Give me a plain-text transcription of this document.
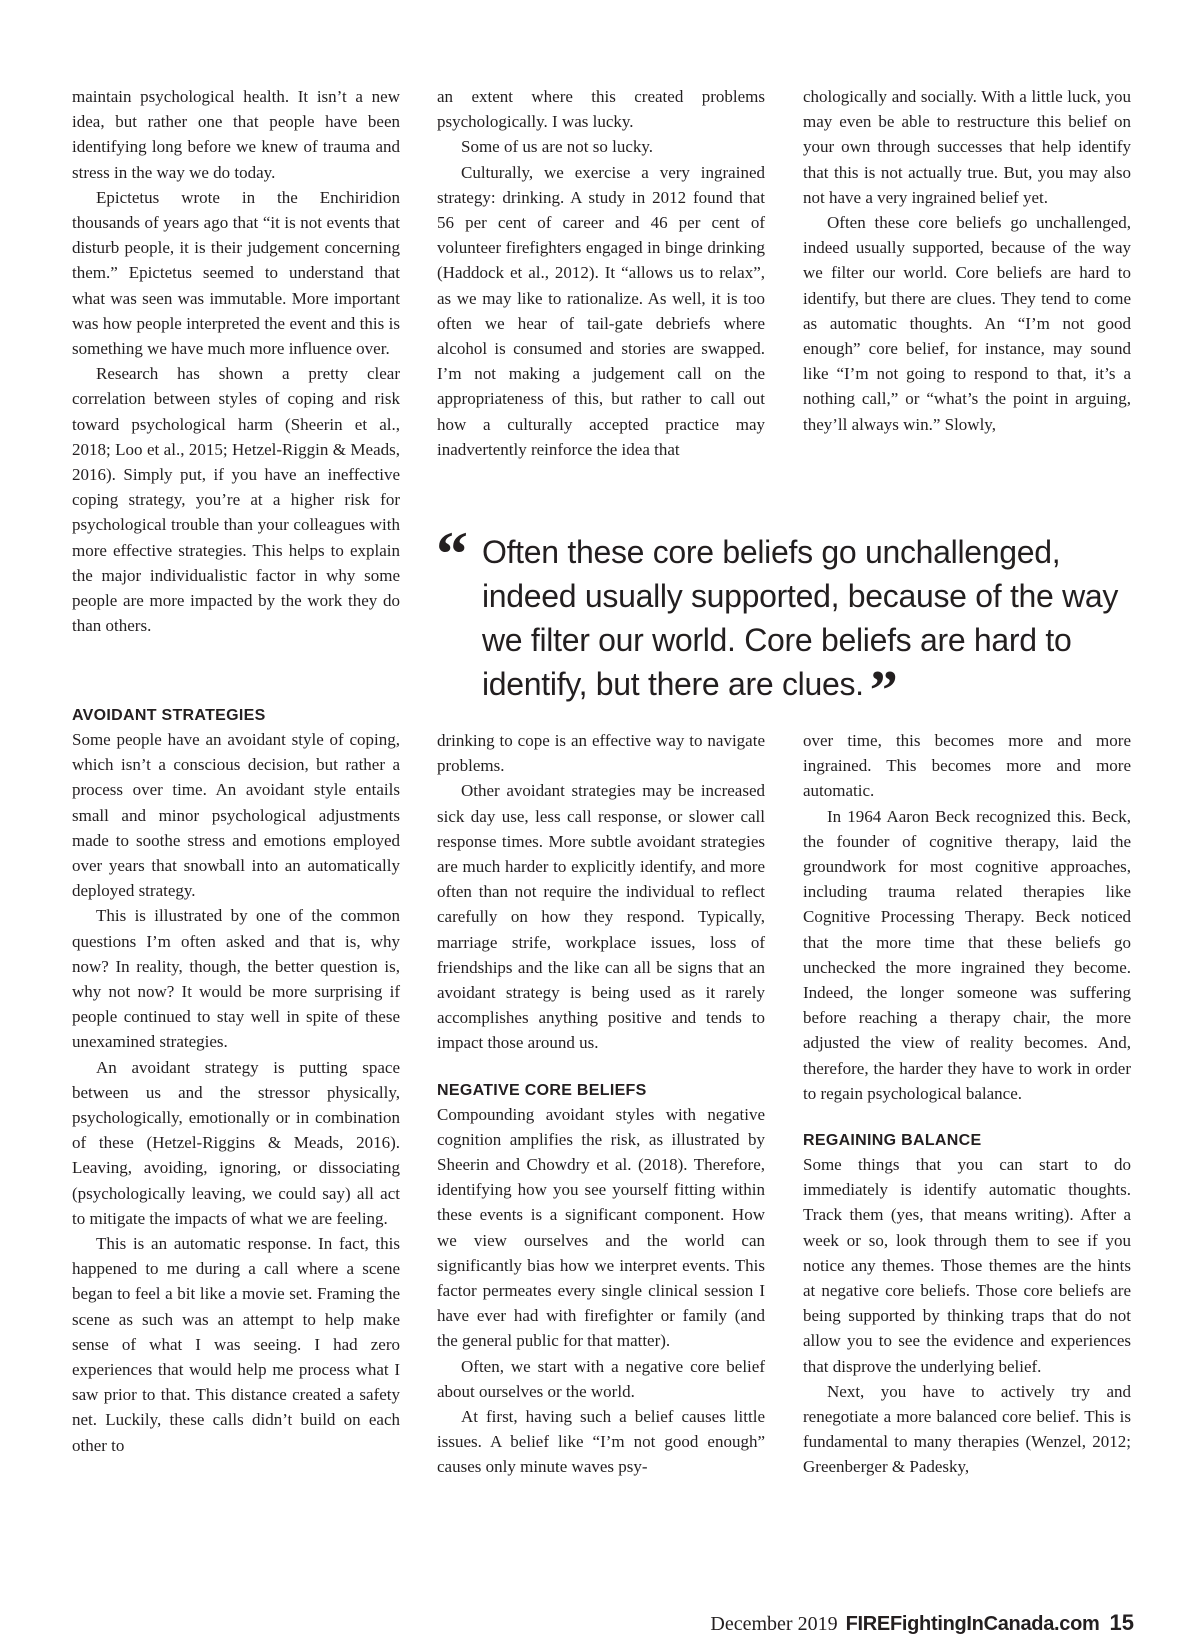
maintain psychological health. It isn’t a new idea, but rather one that people have been identifying long before we knew of trauma and stress in the way we do today.

Epictetus wrote in the Enchiridion thousands of years ago that “it is not events that disturb people, it is their judgement concerning them.” Epictetus seemed to understand that what was seen was immutable. More important was how people interpreted the event and this is something we have much more influence over.

Research has shown a pretty clear correlation between styles of coping and risk toward psychological harm (Sheerin et al., 2018; Loo et al., 2015; Hetzel-Riggin & Meads, 2016). Simply put, if you have an ineffective coping strategy, you’re at a higher risk for psychological trouble than your colleagues with more effective strategies. This helps to explain the major individualistic factor in why some people are more impacted by the work they do than others.

an extent where this created problems psychologically. I was lucky.

Some of us are not so lucky.

Culturally, we exercise a very ingrained strategy: drinking. A study in 2012 found that 56 per cent of career and 46 per cent of volunteer firefighters engaged in binge drinking (Haddock et al., 2012). It “allows us to relax”, as we may like to rationalize. As well, it is too often we hear of tail-gate debriefs where alcohol is consumed and stories are swapped. I’m not making a judgement call on the appropriateness of this, but rather to call out how a culturally accepted practice may inadvertently reinforce the idea that

chologically and socially. With a little luck, you may even be able to restructure this belief on your own through successes that help identify that this is not actually true. But, you may also not have a very ingrained belief yet.

Often these core beliefs go unchallenged, indeed usually supported, because of the way we filter our world. Core beliefs are hard to identify, but there are clues. They tend to come as automatic thoughts. An “I’m not good enough” core belief, for instance, may sound like “I’m not going to respond to that, it’s a nothing call,” or “what’s the point in arguing, they’ll always win.” Slowly,

“ Often these core beliefs go unchallenged, indeed usually supported, because of the way we filter our world. Core beliefs are hard to identify, but there are clues. ”
AVOIDANT STRATEGIES

Some people have an avoidant style of coping, which isn’t a conscious decision, but rather a process over time. An avoidant style entails small and minor psychological adjustments made to soothe stress and emotions employed over years that snowball into an automatically deployed strategy.

This is illustrated by one of the common questions I’m often asked and that is, why now? In reality, though, the better question is, why not now? It would be more surprising if people continued to stay well in spite of these unexamined strategies.

An avoidant strategy is putting space between us and the stressor physically, psychologically, emotionally or in combination of these (Hetzel-Riggins & Meads, 2016). Leaving, avoiding, ignoring, or dissociating (psychologically leaving, we could say) all act to mitigate the impacts of what we are feeling.

This is an automatic response. In fact, this happened to me during a call where a scene began to feel a bit like a movie set. Framing the scene as such was an attempt to help make sense of what I was seeing. I had zero experiences that would help me process what I saw prior to that. This distance created a safety net. Luckily, these calls didn’t build on each other to

drinking to cope is an effective way to navigate problems.

Other avoidant strategies may be increased sick day use, less call response, or slower call response times. More subtle avoidant strategies are much harder to explicitly identify, and more often than not require the individual to reflect carefully on how they respond. Typically, marriage strife, workplace issues, loss of friendships and the like can all be signs that an avoidant strategy is being used as it rarely accomplishes anything positive and tends to impact those around us.

NEGATIVE CORE BELIEFS

Compounding avoidant styles with negative cognition amplifies the risk, as illustrated by Sheerin and Chowdry et al. (2018). Therefore, identifying how you see yourself fitting within these events is a significant component. How we view ourselves and the world can significantly bias how we interpret events. This factor permeates every single clinical session I have ever had with firefighter or family (and the general public for that matter).

Often, we start with a negative core belief about ourselves or the world.

At first, having such a belief causes little issues. A belief like “I’m not good enough” causes only minute waves psy-

over time, this becomes more and more ingrained. This becomes more and more automatic.

In 1964 Aaron Beck recognized this. Beck, the founder of cognitive therapy, laid the groundwork for most cognitive approaches, including trauma related therapies like Cognitive Processing Therapy. Beck noticed that the more time that these beliefs go unchecked the more ingrained they become. Indeed, the longer someone was suffering before reaching a therapy chair, the more adjusted the view of reality becomes. And, therefore, the harder they have to work in order to regain psychological balance.

REGAINING BALANCE

Some things that you can start to do immediately is identify automatic thoughts. Track them (yes, that means writing). After a week or so, look through them to see if you notice any themes. Those themes are the hints at negative core beliefs. Those core beliefs are being supported by thinking traps that do not allow you to see the evidence and experiences that disprove the underlying belief.

Next, you have to actively try and renegotiate a more balanced core belief. This is fundamental to many therapies (Wenzel, 2012; Greenberger & Padesky,

December 2019 FIREFightingInCanada.com 15
